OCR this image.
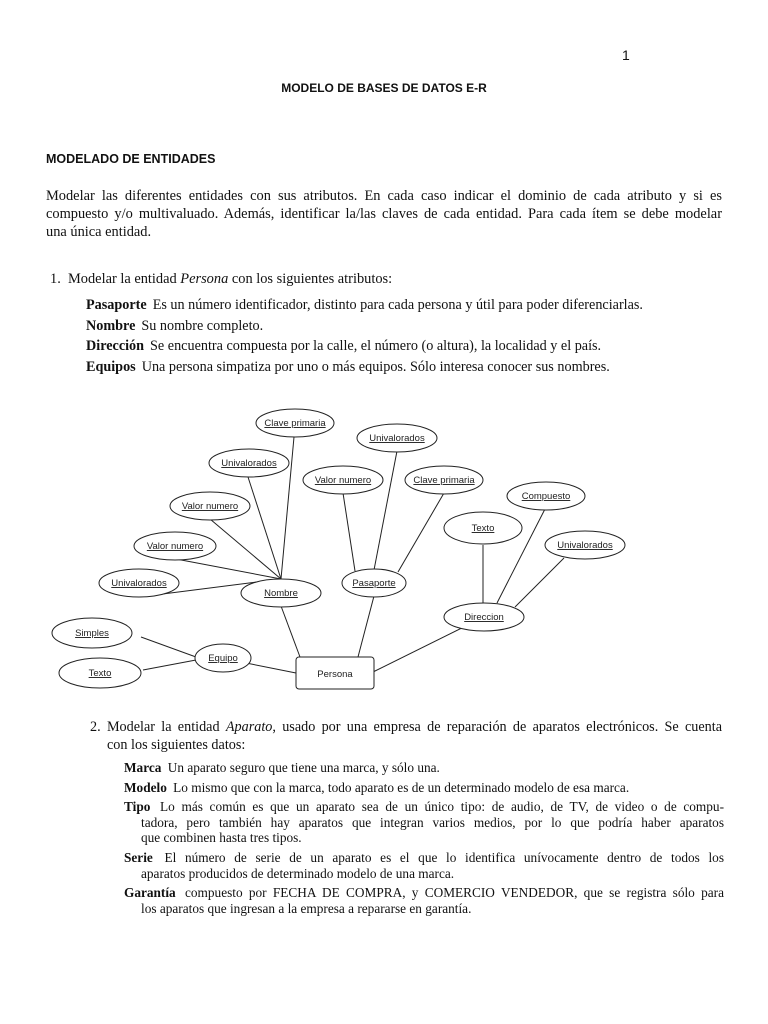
1
MODELO DE BASES DE DATOS E-R
MODELADO DE ENTIDADES
Modelar las diferentes entidades con sus atributos. En cada caso indicar el dominio de cada atributo y si es
compuesto y/o multivaluado. Además, identificar la/las claves de cada entidad. Para cada ítem se debe modelar
una única entidad.
1. Modelar la entidad Persona con los siguientes atributos:
Pasaporte Es un número identificador, distinto para cada persona y útil para poder diferenciarlas.
Nombre Su nombre completo.
Dirección Se encuentra compuesta por la calle, el número (o altura), la localidad y el país.
Equipos Una persona simpatiza por uno o más equipos. Sólo interesa conocer sus nombres.
Persona
Nombre
Pasaporte
Direccion
Equipo
Clave primaria
Univalorados
Valor numero
Valor numero
Univalorados
Univalorados
Valor numero	Clave primaria
Compuesto
Texto
Univalorados
Simples
Texto
2. Modelar la entidad Aparato, usado por una empresa de reparación de aparatos electrónicos. Se cuenta
con los siguientes datos:
Marca Un aparato seguro que tiene una marca, y sólo una.
Modelo Lo mismo que con la marca, todo aparato es de un determinado modelo de esa marca.
Tipo Lo más común es que un aparato sea de un único tipo: de audio, de TV, de video o de compu-
tadora, pero también hay aparatos que integran varios medios, por lo que podría haber aparatos
que combinen hasta tres tipos.
Serie El número de serie de un aparato es el que lo identifica unívocamente dentro de todos los
aparatos producidos de determinado modelo de una marca.
Garantía compuesto por FECHA DE COMPRA, y COMERCIO VENDEDOR, que se registra sólo para
los aparatos que ingresan a la empresa a repararse en garantía.
